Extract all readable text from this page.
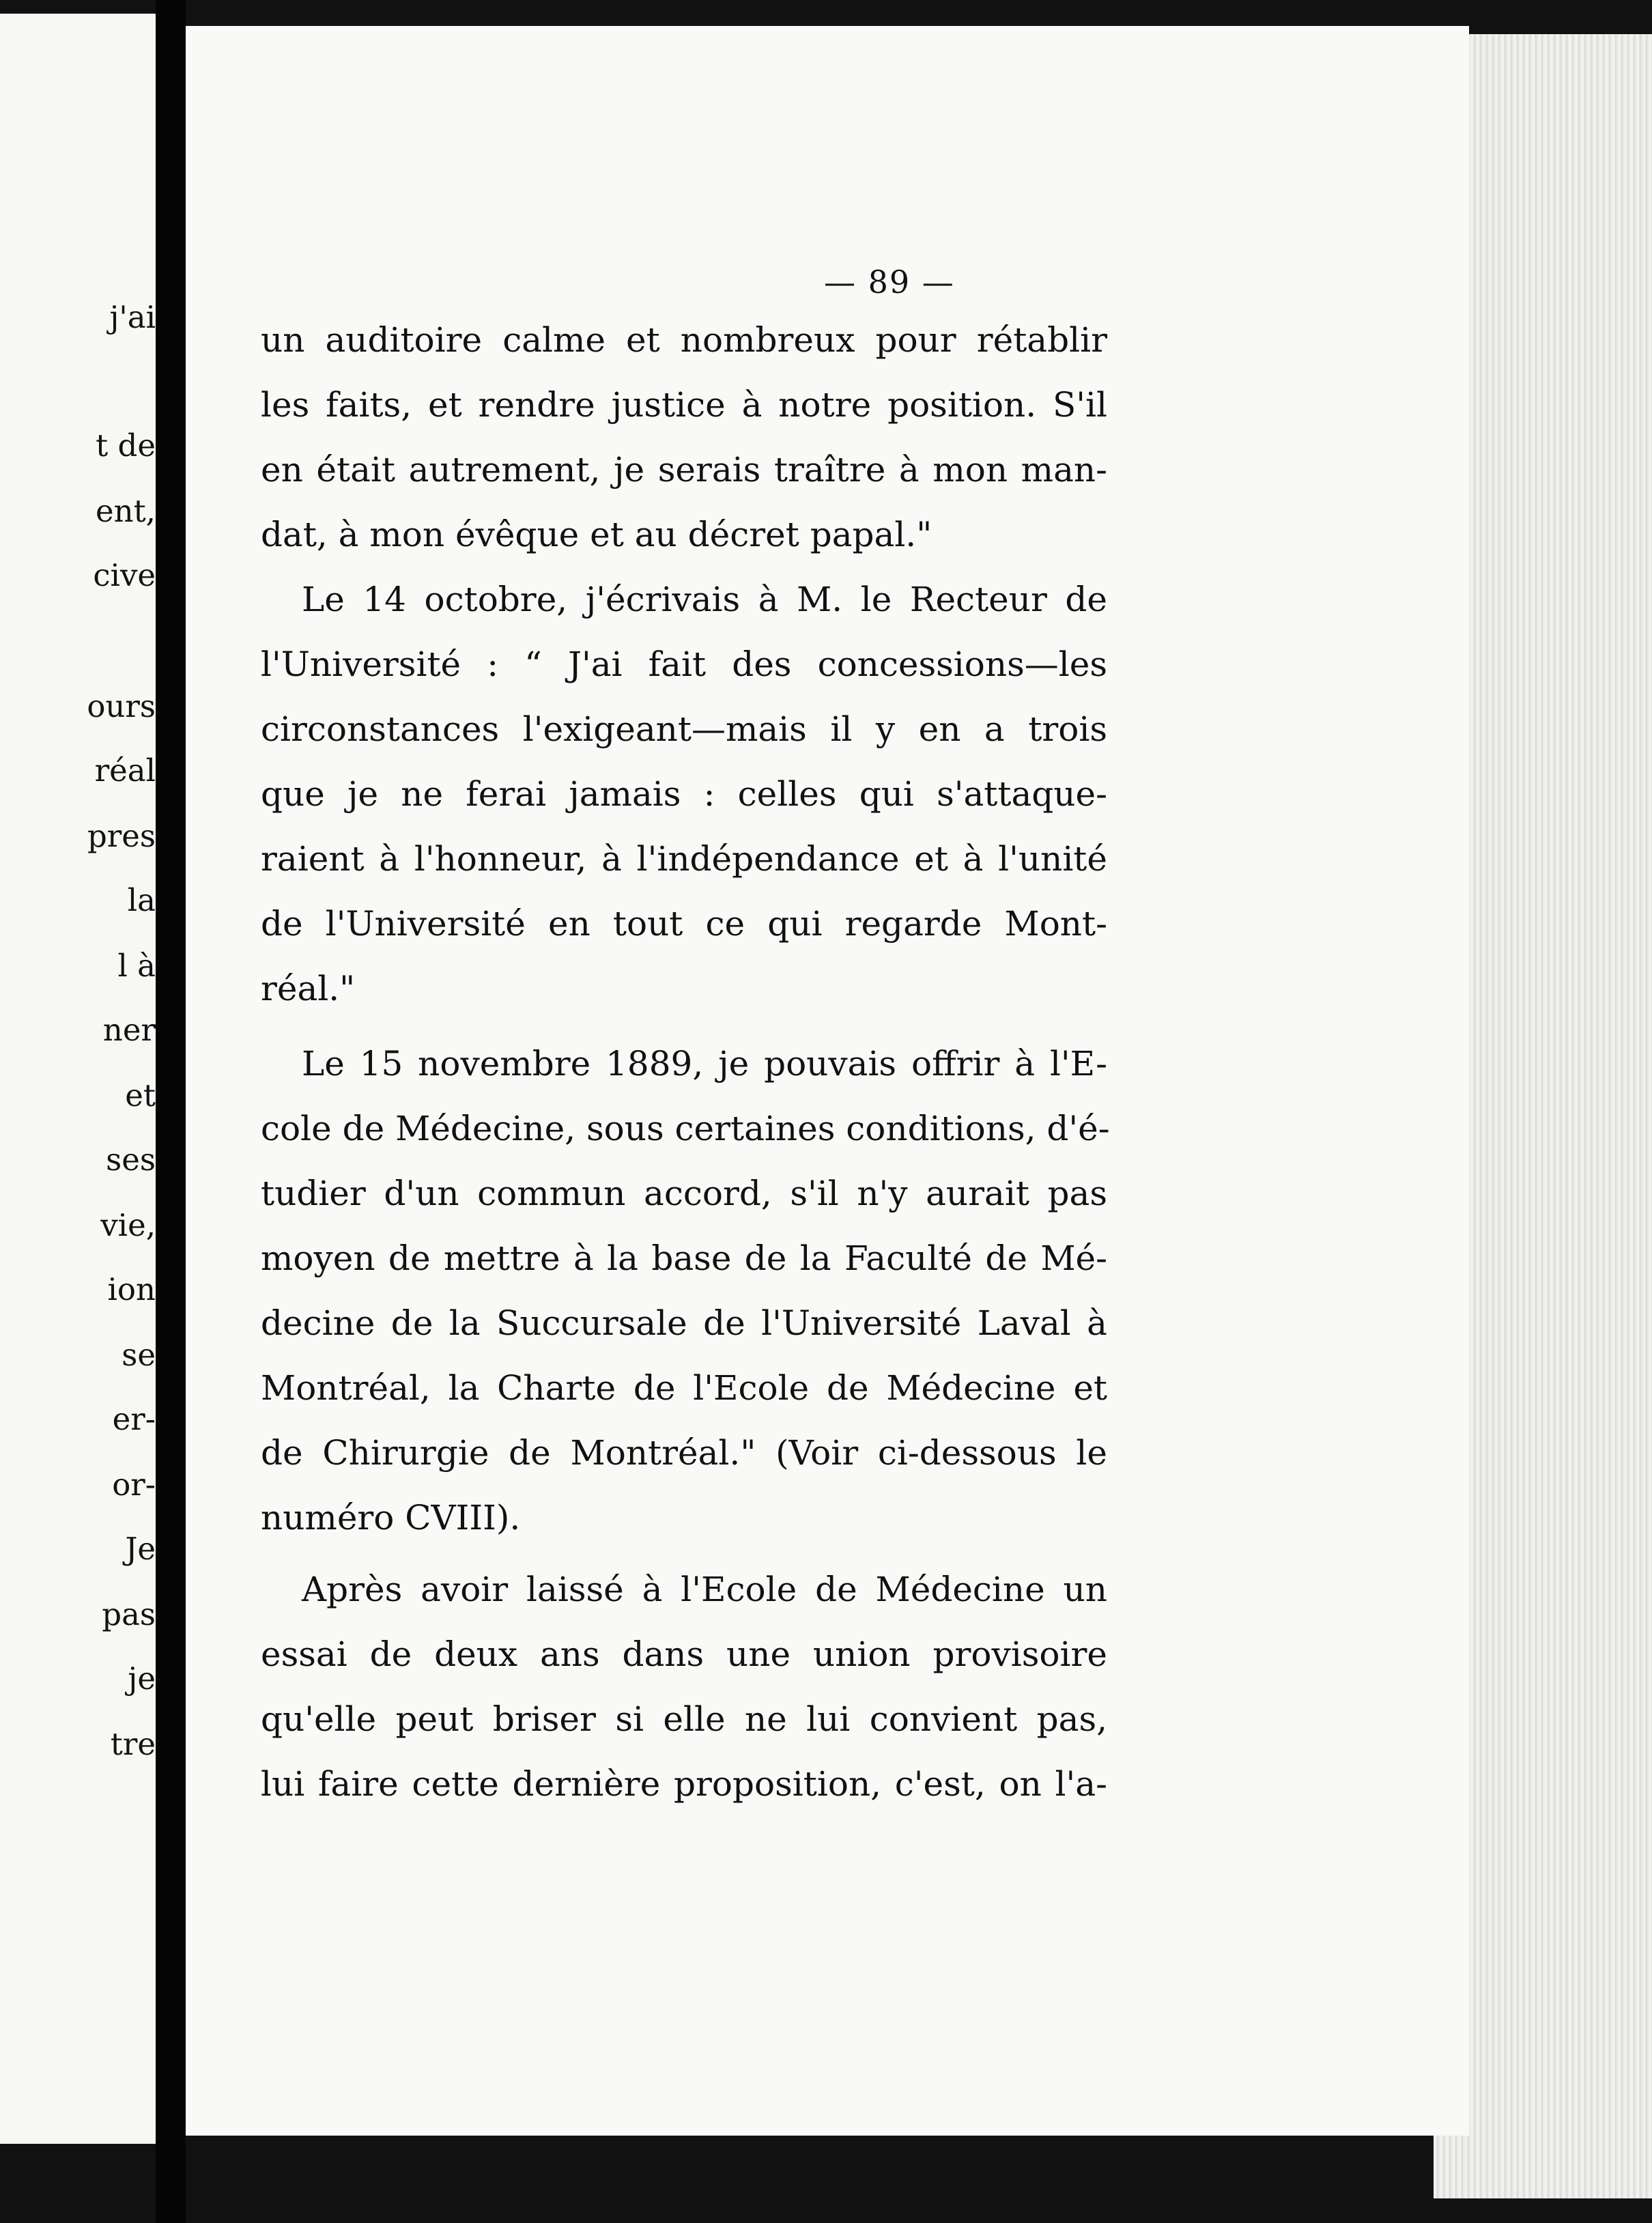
j'ai

t de

ent,

cive

ours

réal

pres

la

l à

ner

et

ses

vie,

ion

se

er-

or-

Je

pas

je

tre

— 89 —

un auditoire calme et nombreux pour rétablir

les faits, et rendre justice à notre position. S'il

en était autrement, je serais traître à mon man-

dat, à mon évêque et au décret papal."

Le 14 octobre, j'écrivais à M. le Recteur de

l'Université : “ J'ai fait des concessions—les

circonstances l'exigeant—mais il y en a trois

que je ne ferai jamais : celles qui s'attaque-

raient à l'honneur, à l'indépendance et à l'unité

de l'Université en tout ce qui regarde Mont-

réal."

Le 15 novembre 1889, je pouvais offrir à l'E-

cole de Médecine, sous certaines conditions, d'é-

tudier d'un commun accord, s'il n'y aurait pas

moyen de mettre à la base de la Faculté de Mé-

decine de la Succursale de l'Université Laval à

Montréal, la Charte de l'Ecole de Médecine et

de Chirurgie de Montréal." (Voir ci-dessous le

numéro CVIII).

Après avoir laissé à l'Ecole de Médecine un

essai de deux ans dans une union provisoire

qu'elle peut briser si elle ne lui convient pas,

lui faire cette dernière proposition, c'est, on l'a-
